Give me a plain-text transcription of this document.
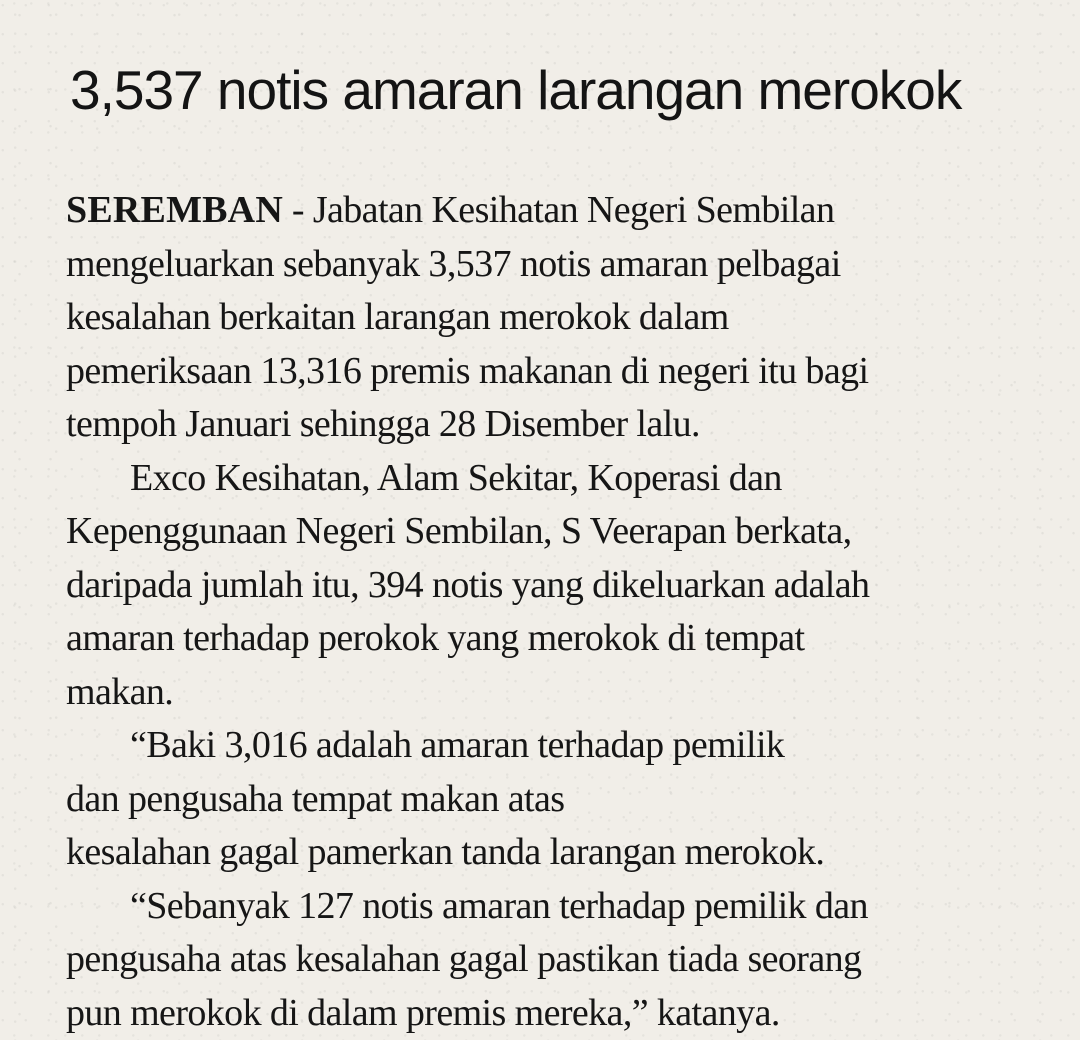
3,537 notis amaran larangan merokok
SEREMBAN - Jabatan Kesihatan Negeri Sembilan
mengeluarkan sebanyak 3,537 notis amaran pelbagai
kesalahan berkaitan larangan merokok dalam
pemeriksaan 13,316 premis makanan di negeri itu bagi
tempoh Januari sehingga 28 Disember lalu.
Exco Kesihatan, Alam Sekitar, Koperasi dan
Kepenggunaan Negeri Sembilan, S Veerapan berkata,
daripada jumlah itu, 394 notis yang dikeluarkan adalah
amaran terhadap perokok yang merokok di tempat
makan.
“Baki 3,016 adalah amaran terhadap pemilik
dan pengusaha tempat makan atas
kesalahan gagal pamerkan tanda larangan merokok.
“Sebanyak 127 notis amaran terhadap pemilik dan
pengusaha atas kesalahan gagal pastikan tiada seorang
pun merokok di dalam premis mereka,” katanya.
